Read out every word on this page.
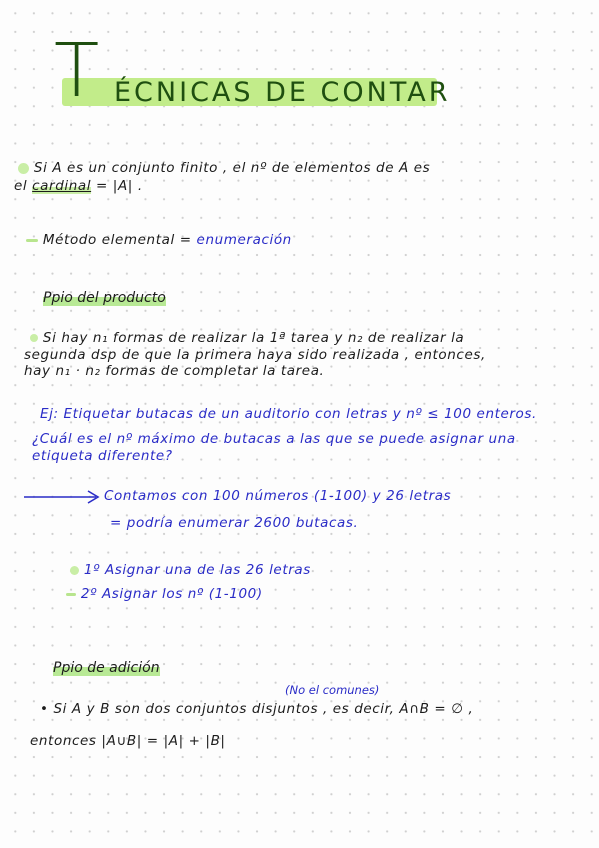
T ÉCNICAS DE CONTAR
Si A es un conjunto finito , el nº de elementos de A es
el cardinal = |A| .
Método elemental = enumeración
Ppio del producto
Si hay n₁ formas de realizar la 1ª tarea y n₂ de realizar la
segunda dsp de que la primera haya sido realizada , entonces,
hay n₁ · n₂ formas de completar la tarea.
Ej: Etiquetar butacas de un auditorio con letras y nº ≤ 100 enteros.
¿Cuál es el nº máximo de butacas a las que se puede asignar una
etiqueta diferente?
Contamos con 100 números (1-100) y 26 letras
= podría enumerar 2600 butacas.
1º Asignar una de las 26 letras
2º Asignar los nº (1-100)
Ppio de adición
(No el comunes)
• Si A y B son dos conjuntos disjuntos , es decir, A∩B = ∅ ,
entonces |A∪B| = |A| + |B|
